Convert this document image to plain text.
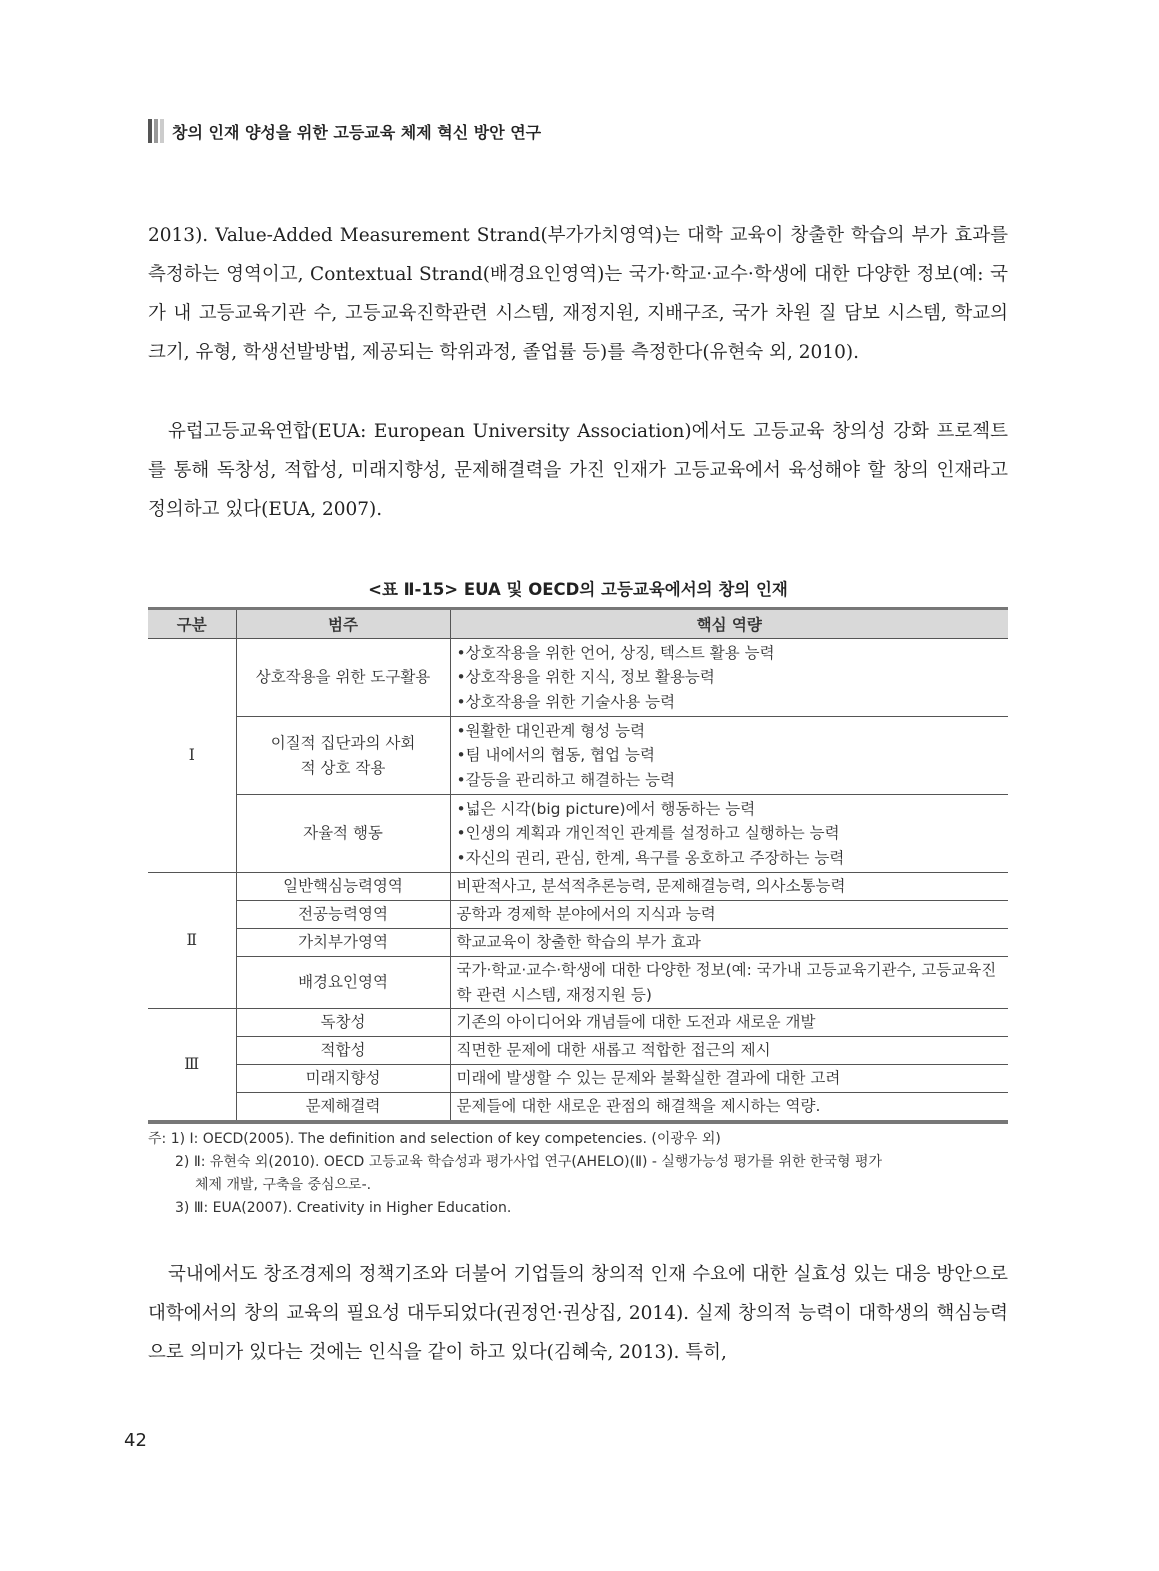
창의 인재 양성을 위한 고등교육 체제 혁신 방안 연구
2013). Value-Added Measurement Strand(부가가치영역)는 대학 교육이 창출한 학습의 부가 효과를 측정하는 영역이고, Contextual Strand(배경요인영역)는 국가·학교·교수·학생에 대한 다양한 정보(예: 국가 내 고등교육기관 수, 고등교육진학관련 시스템, 재정지원, 지배구조, 국가 차원 질 담보 시스템, 학교의 크기, 유형, 학생선발방법, 제공되는 학위과정, 졸업률 등)를 측정한다(유현숙 외, 2010).
유럽고등교육연합(EUA: European University Association)에서도 고등교육 창의성 강화 프로젝트를 통해 독창성, 적합성, 미래지향성, 문제해결력을 가진 인재가 고등교육에서 육성해야 할 창의 인재라고 정의하고 있다(EUA, 2007).
<표 Ⅱ-15> EUA 및 OECD의 고등교육에서의 창의 인재
구분	범주	핵심 역량
Ⅰ	상호작용을 위한 도구활용	•상호작용을 위한 언어, 상징, 텍스트 활용 능력
•상호작용을 위한 지식, 정보 활용능력
•상호작용을 위한 기술사용 능력

	이질적 집단과의 사회적 상호 작용	•원활한 대인관계 형성 능력
•팀 내에서의 협동, 협업 능력
•갈등을 관리하고 해결하는 능력

	자율적 행동	•넓은 시각(big picture)에서 행동하는 능력
•인생의 계획과 개인적인 관계를 설정하고 실행하는 능력
•자신의 권리, 관심, 한계, 욕구를 옹호하고 주장하는 능력

Ⅱ	일반핵심능력영역	비판적사고, 분석적추론능력, 문제해결능력, 의사소통능력

	전공능력영역	공학과 경제학 분야에서의 지식과 능력

	가치부가영역	학교교육이 창출한 학습의 부가 효과

	배경요인영역	국가·학교·교수·학생에 대한 다양한 정보(예: 국가내 고등교육기관수, 고등교육진학 관련 시스템, 재정지원 등)

Ⅲ	독창성	기존의 아이디어와 개념들에 대한 도전과 새로운 개발

	적합성	직면한 문제에 대한 새롭고 적합한 접근의 제시

	미래지향성	미래에 발생할 수 있는 문제와 불확실한 결과에 대한 고려

	문제해결력	문제들에 대한 새로운 관점의 해결책을 제시하는 역량.
주: 1) Ⅰ: OECD(2005). The definition and selection of key competencies. (이광우 외)
2) Ⅱ: 유현숙 외(2010). OECD 고등교육 학습성과 평가사업 연구(AHELO)(Ⅱ) - 실행가능성 평가를 위한 한국형 평가
체제 개발, 구축을 중심으로-.
3) Ⅲ: EUA(2007). Creativity in Higher Education.
국내에서도 창조경제의 정책기조와 더불어 기업들의 창의적 인재 수요에 대한 실효성 있는 대응 방안으로 대학에서의 창의 교육의 필요성 대두되었다(권정언·권상집, 2014). 실제 창의적 능력이 대학생의 핵심능력으로 의미가 있다는 것에는 인식을 같이 하고 있다(김혜숙, 2013). 특히,
42
